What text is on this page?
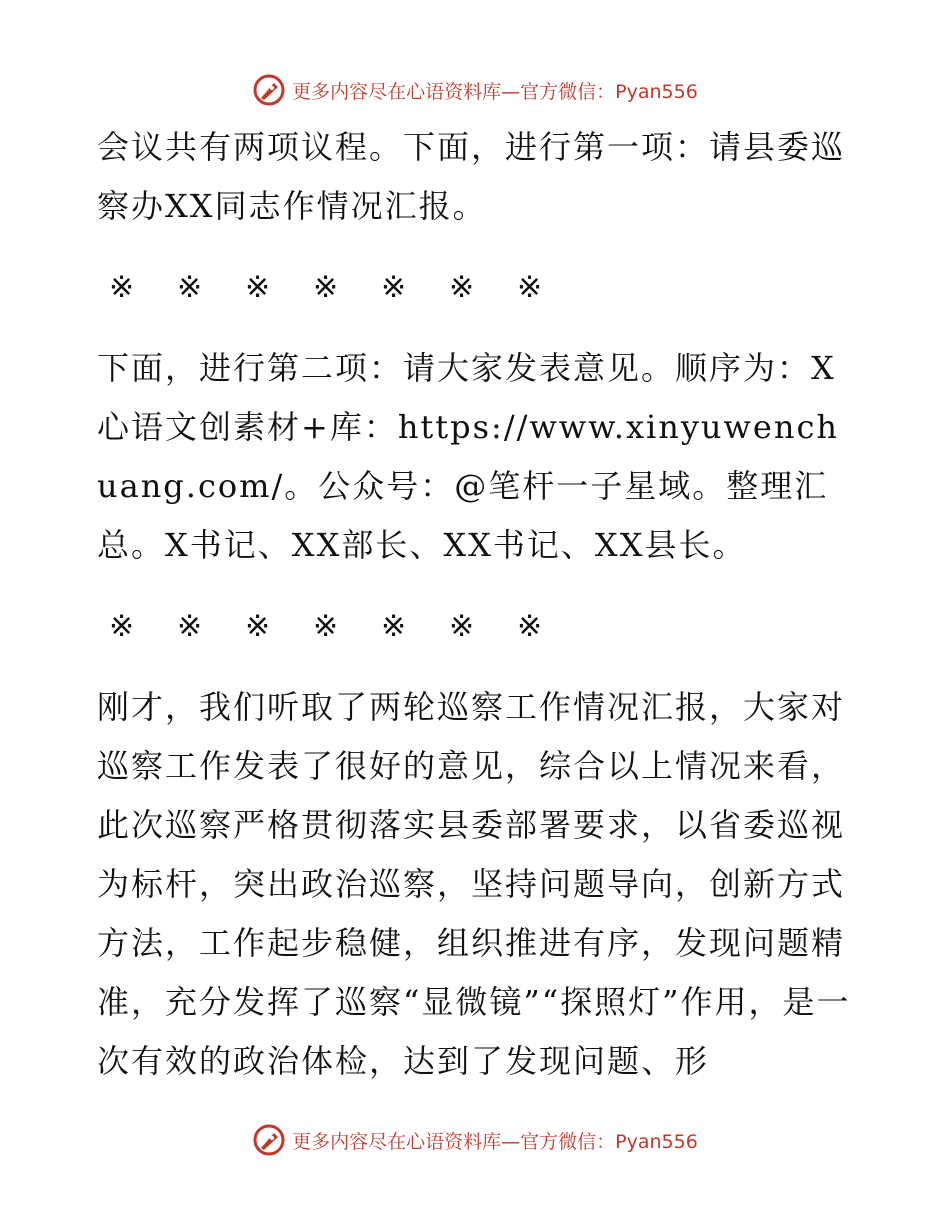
更多内容尽在心语资料库—官方微信：Pyan556

会议共有两项议程。下面，进行第一项：请县委巡察办XX同志作情况汇报。

※ ※ ※ ※ ※ ※ ※

下面，进行第二项：请大家发表意见。顺序为：X心语文创素材+库：https://www.xinyuwenchuang.com/。公众号：@笔杆一子星域。整理汇总。X书记、XX部长、XX书记、XX县长。

※ ※ ※ ※ ※ ※ ※

刚才，我们听取了两轮巡察工作情况汇报，大家对巡察工作发表了很好的意见，综合以上情况来看，此次巡察严格贯彻落实县委部署要求，以省委巡视为标杆，突出政治巡察，坚持问题导向，创新方式方法，工作起步稳健，组织推进有序，发现问题精准，充分发挥了巡察“显微镜”“探照灯”作用，是一次有效的政治体检，达到了发现问题、形

更多内容尽在心语资料库—官方微信：Pyan556
